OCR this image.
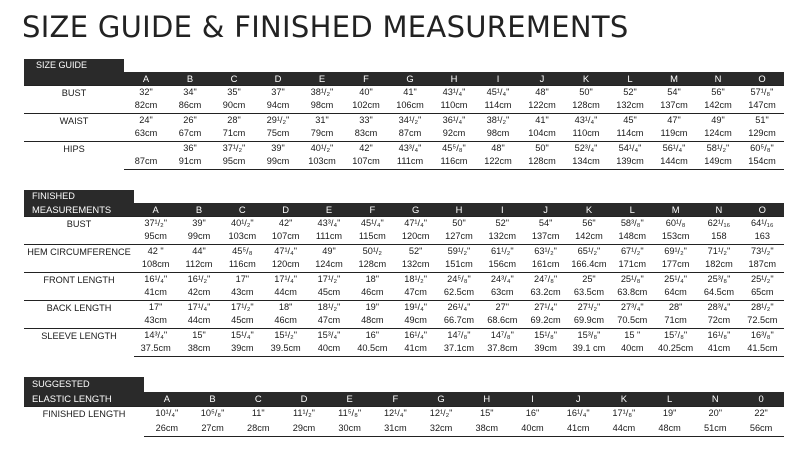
SIZE GUIDE & FINISHED MEASUREMENTS
SIZE GUIDE															
	A	B	C	D	E	F	G	H	I	J	K	L	M	N	O
BUST	32"	34"	35"	37"	38¹/₂"	40"	41"	43¹/₄"	45¹/₄"	48"	50"	52"	54"	56"	57¹/₈"
	82cm	86cm	90cm	94cm	98cm	102cm	106cm	110cm	114cm	122cm	128cm	132cm	137cm	142cm	147cm
WAIST	24"	26"	28"	29¹/₂"	31"	33"	34¹/₂"	36¹/₄"	38¹/₂"	41"	43¹/₄"	45"	47"	49"	51"
	63cm	67cm	71cm	75cm	79cm	83cm	87cm	92cm	98cm	104cm	110cm	114cm	119cm	124cm	129cm
HIPS		36"	37¹/₂"	39"	40¹/₂"	42"	43³/₄"	45⁵/₈"	48"	50"	52³/₄"	54¹/₄"	56¹/₄"	58¹/₂"	60⁵/₈"
	87cm	91cm	95cm	99cm	103cm	107cm	111cm	116cm	122cm	128cm	134cm	139cm	144cm	149cm	154cm
FINISHED															
MEASUREMENTS	A	B	C	D	E	F	G	H	I	J	K	L	M	N	O
BUST	37¹/₂"	39"	40¹/₂"	42"	43³/₄"	45¹/₄"	47¹/₄"	50"	52"	54"	56"	58³/₈"	60¹/₈	62¹/₁₆	64¹/₁₆
	95cm	99cm	103cm	107cm	111cm	115cm	120cm	127cm	132cm	137cm	142cm	148cm	153cm	158	163
HEM CIRCUMFERENCE	42 "	44"	45⁵/₈	47¹/₄"	49"	50¹/₂	52"	59¹/₂"	61¹/₂"	63¹/₂"	65¹/₂"	67¹/₂"	69¹/₂"	71¹/₂"	73¹/₂"
	108cm	112cm	116cm	120cm	124cm	128cm	132cm	151cm	156cm	161cm	166.4cm	171cm	177cm	182cm	187cm
FRONT LENGTH	16¹/₄"	16¹/₂"	17"	17¹/₄"	17¹/₂"	18"	18¹/₂"	24⁵/₈"	24³/₄"	24⁷/₈"	25"	25¹/₈"	25¹/₄"	25³/₈"	25¹/₂"
	41cm	42cm	43cm	44cm	45cm	46cm	47cm	62.5cm	63cm	63.2cm	63.5cm	63.8cm	64cm	64.5cm	65cm
BACK LENGTH	17"	17¹/₄"	17¹/₂"	18"	18¹/₂"	19"	19¹/₄"	26¹/₄"	27"	27¹/₄"	27¹/₂"	27³/₄"	28"	28³/₄"	28¹/₂"
	43cm	44cm	45cm	46cm	47cm	48cm	49cm	66.7cm	68.6cm	69.2cm	69.9cm	70.5cm	71cm	72cm	72.5cm
SLEEVE LENGTH	14³/₄"	15"	15¹/₄"	15¹/₂"	15³/₄"	16"	16¹/₄"	14⁷/₈"	14⁷/₈"	15¹/₈"	15³/₈"	15 "	15⁷/₈"	16¹/₈"	16³/₈"
	37.5cm	38cm	39cm	39.5cm	40cm	40.5cm	41cm	37.1cm	37.8cm	39cm	39.1 cm	40cm	40.25cm	41cm	41.5cm
SUGGESTED														
ELASTIC LENGTH	A	B	C	D	E	F	G	H	I	J	K	L	N	0
FINISHED LENGTH	10¹/₄"	10⁵/₈"	11"	11¹/₂"	11⁵/₈"	12¹/₄"	12¹/₂"	15"	16"	16¹/₄"	17¹/₈"	19"	20"	22"
	26cm	27cm	28cm	29cm	30cm	31cm	32cm	38cm	40cm	41cm	44cm	48cm	51cm	56cm
